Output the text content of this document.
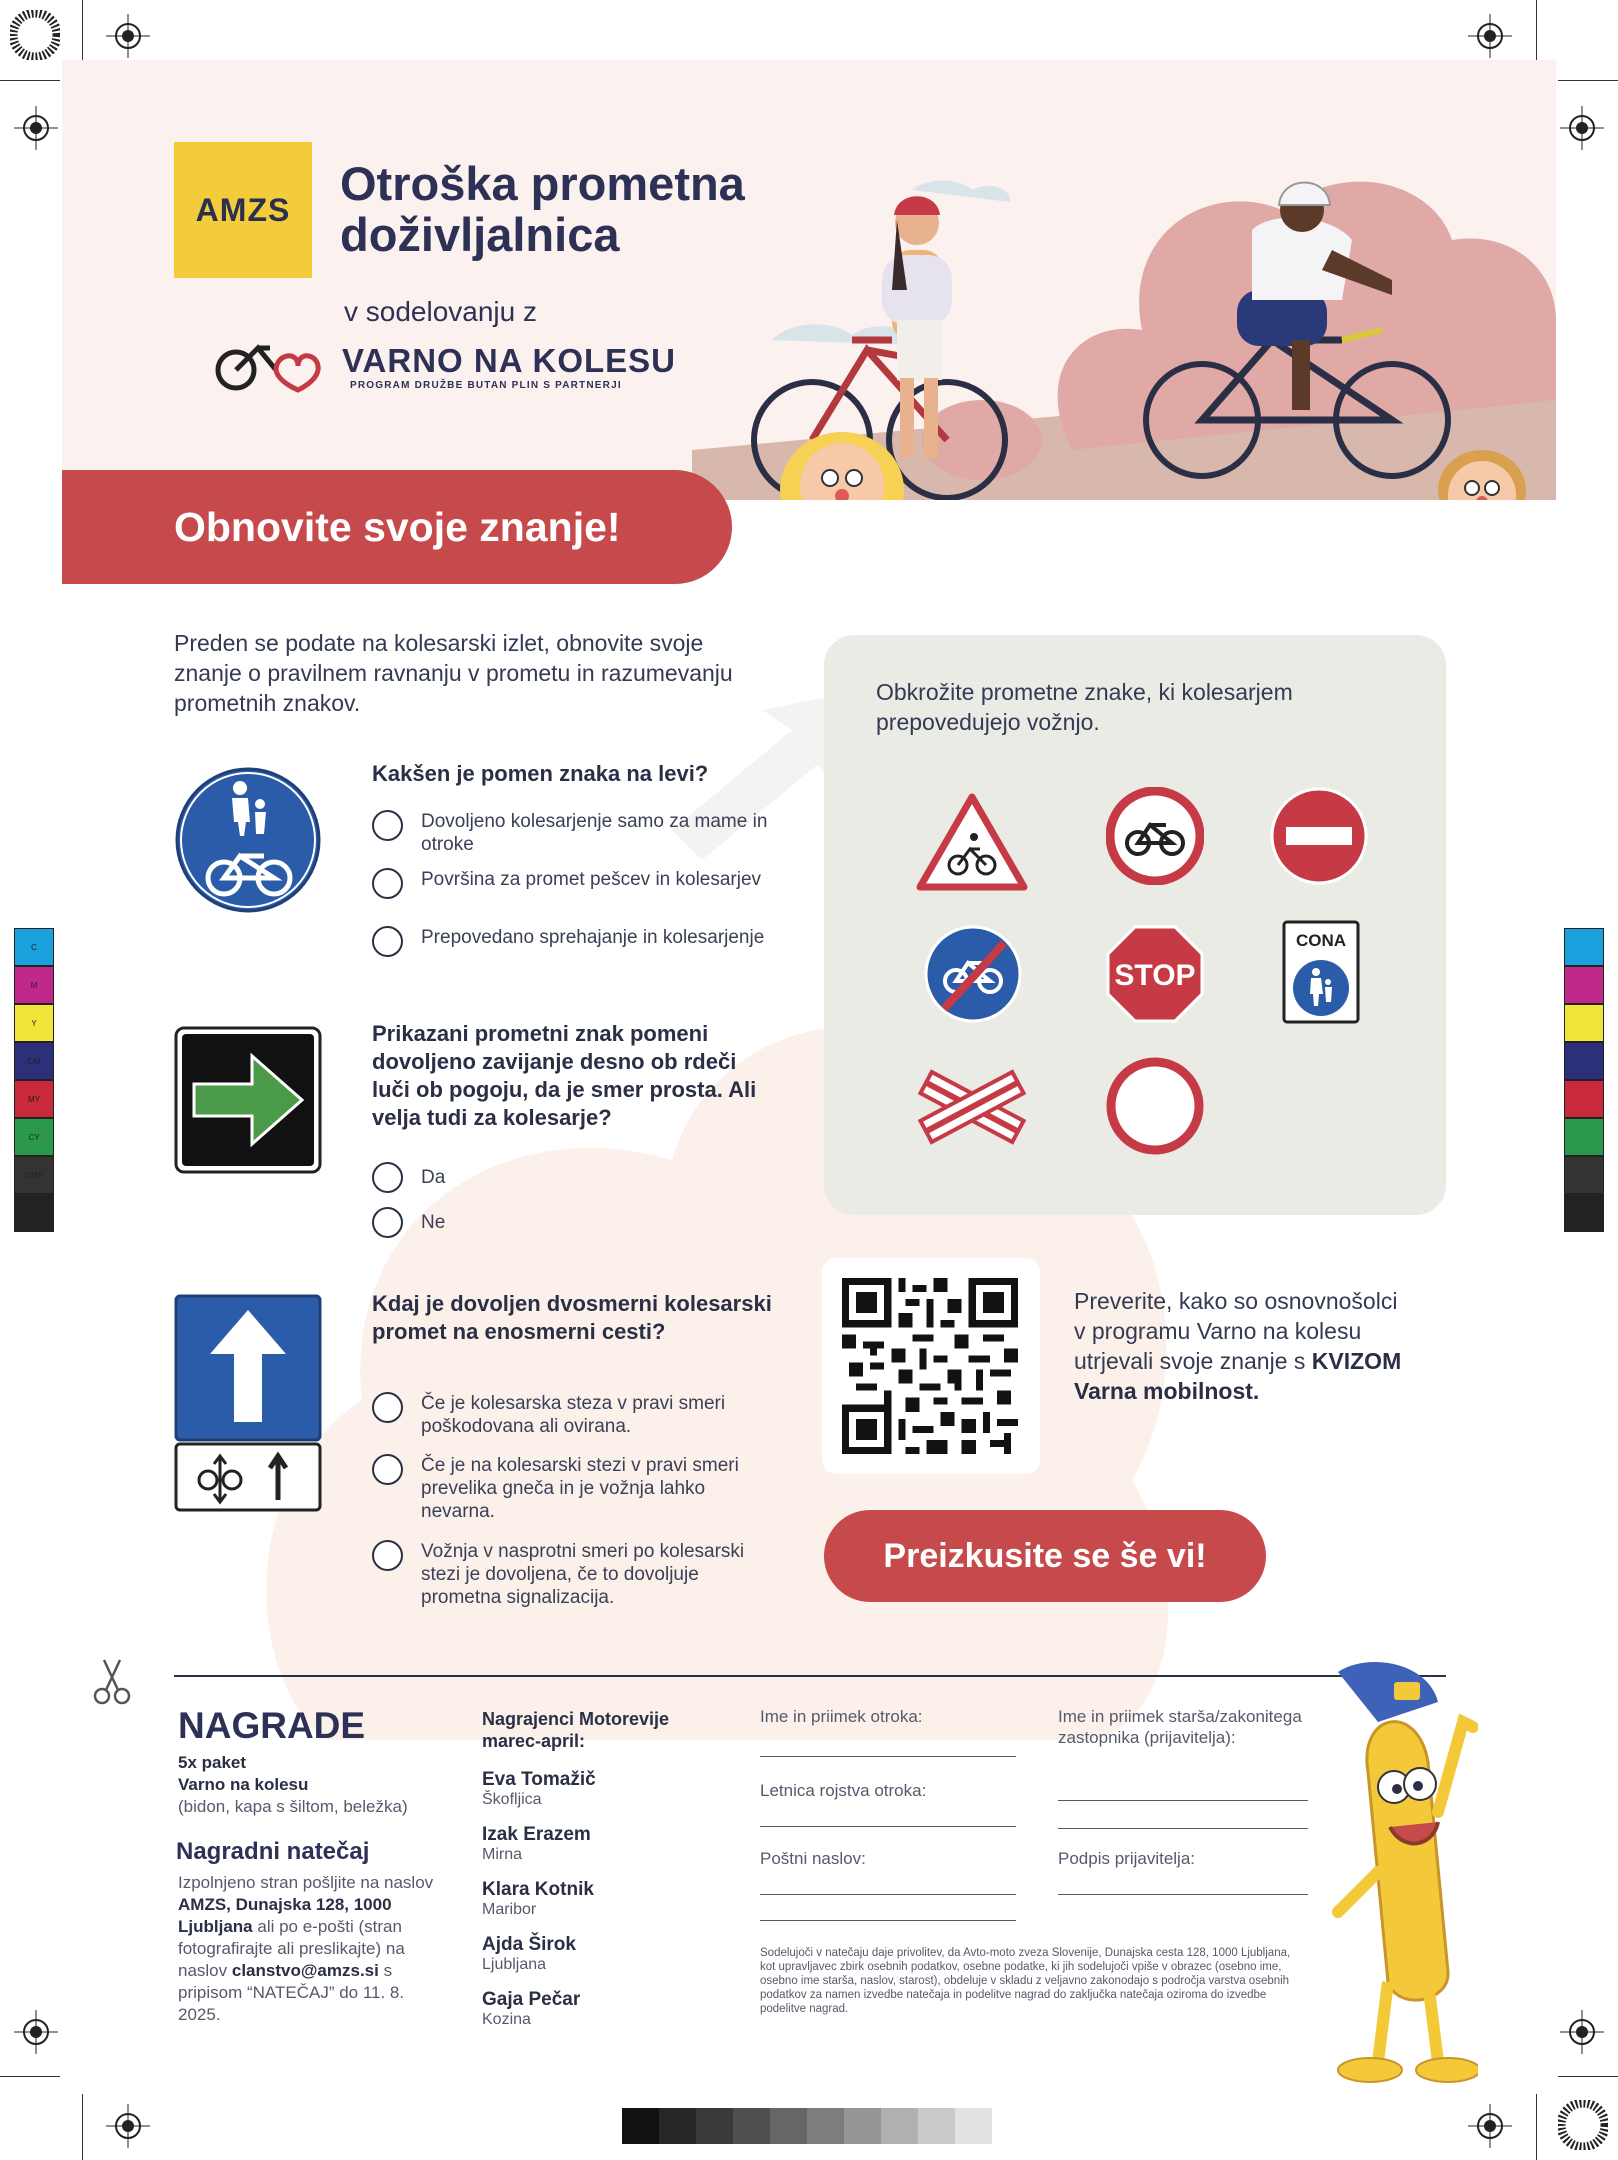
C
M
Y
CM
MY
CY
CMY
K
AMZS	Otroška prometna
doživljalnica
v sodelovanju z
VARNO NA KOLESU
PROGRAM DRUŽBE BUTAN PLIN S PARTNERJI
Obnovite svoje znanje!
Preden se podate na kolesarski izlet, obnovite svoje znanje o pravilnem ravnanju v prometu in razumevanju prometnih znakov.
Kakšen je pomen znaka na levi?
Dovoljeno kolesarjenje samo za mame in otroke
Površina za promet pešcev in kolesarjev
Prepovedano sprehajanje in kolesarjenje
Prikazani prometni znak pomeni dovoljeno zavijanje desno ob rdeči luči ob pogoju, da je smer prosta. Ali velja tudi za kolesarje?
Da
Ne
Kdaj je dovoljen dvosmerni kolesarski promet na enosmerni cesti?
Če je kolesarska steza v pravi smeri poškodovana ali ovirana.
Če je na kolesarski stezi v pravi smeri prevelika gneča in je vožnja lahko nevarna.
Vožnja v nasprotni smeri po kolesarski stezi je dovoljena, če to dovoljuje prometna signalizacija.
Obkrožite prometne znake, ki kolesarjem prepovedujejo vožnjo.
STOP
CONA
Preverite, kako so osnovnošolci v programu Varno na kolesu utrjevali svoje znanje s KVIZOM Varna mobilnost.
Preizkusite se še vi!
NAGRADE
5x paket
Varno na kolesu
(bidon, kapa s šiltom, beležka)
Nagradni natečaj
Izpolnjeno stran pošljite na naslov AMZS, Dunajska 128, 1000 Ljubljana ali po e-pošti (stran fotografirajte ali preslikajte) na naslov clanstvo@amzs.si s pripisom “NATEČAJ” do 11. 8. 2025.
Nagrajenci Motorevije marec-april:
Eva Tomažič
Škofljica
Izak Erazem
Mirna
Klara Kotnik
Maribor
Ajda Širok
Ljubljana
Gaja Pečar
Kozina
Ime in priimek otroka:
Letnica rojstva otroka:
Poštni naslov:
Ime in priimek staršа/zakonitega zastopnika (prijavitelja):
Podpis prijavitelja:
Sodelujoči v natečaju daje privolitev, da Avto-moto zveza Slovenije, Dunajska cesta 128, 1000 Ljubljana, kot upravljavec zbirk osebnih podatkov, osebne podatke, ki jih sodelujoči vpiše v obrazec (osebno ime, osebno ime starša, naslov, starost), obdeluje v skladu z veljavno zakonodajo s področja varstva osebnih podatkov za namen izvedbe natečaja in podelitve nagrad do zaključka natečaja oziroma do izvedbe podelitve nagrad.
